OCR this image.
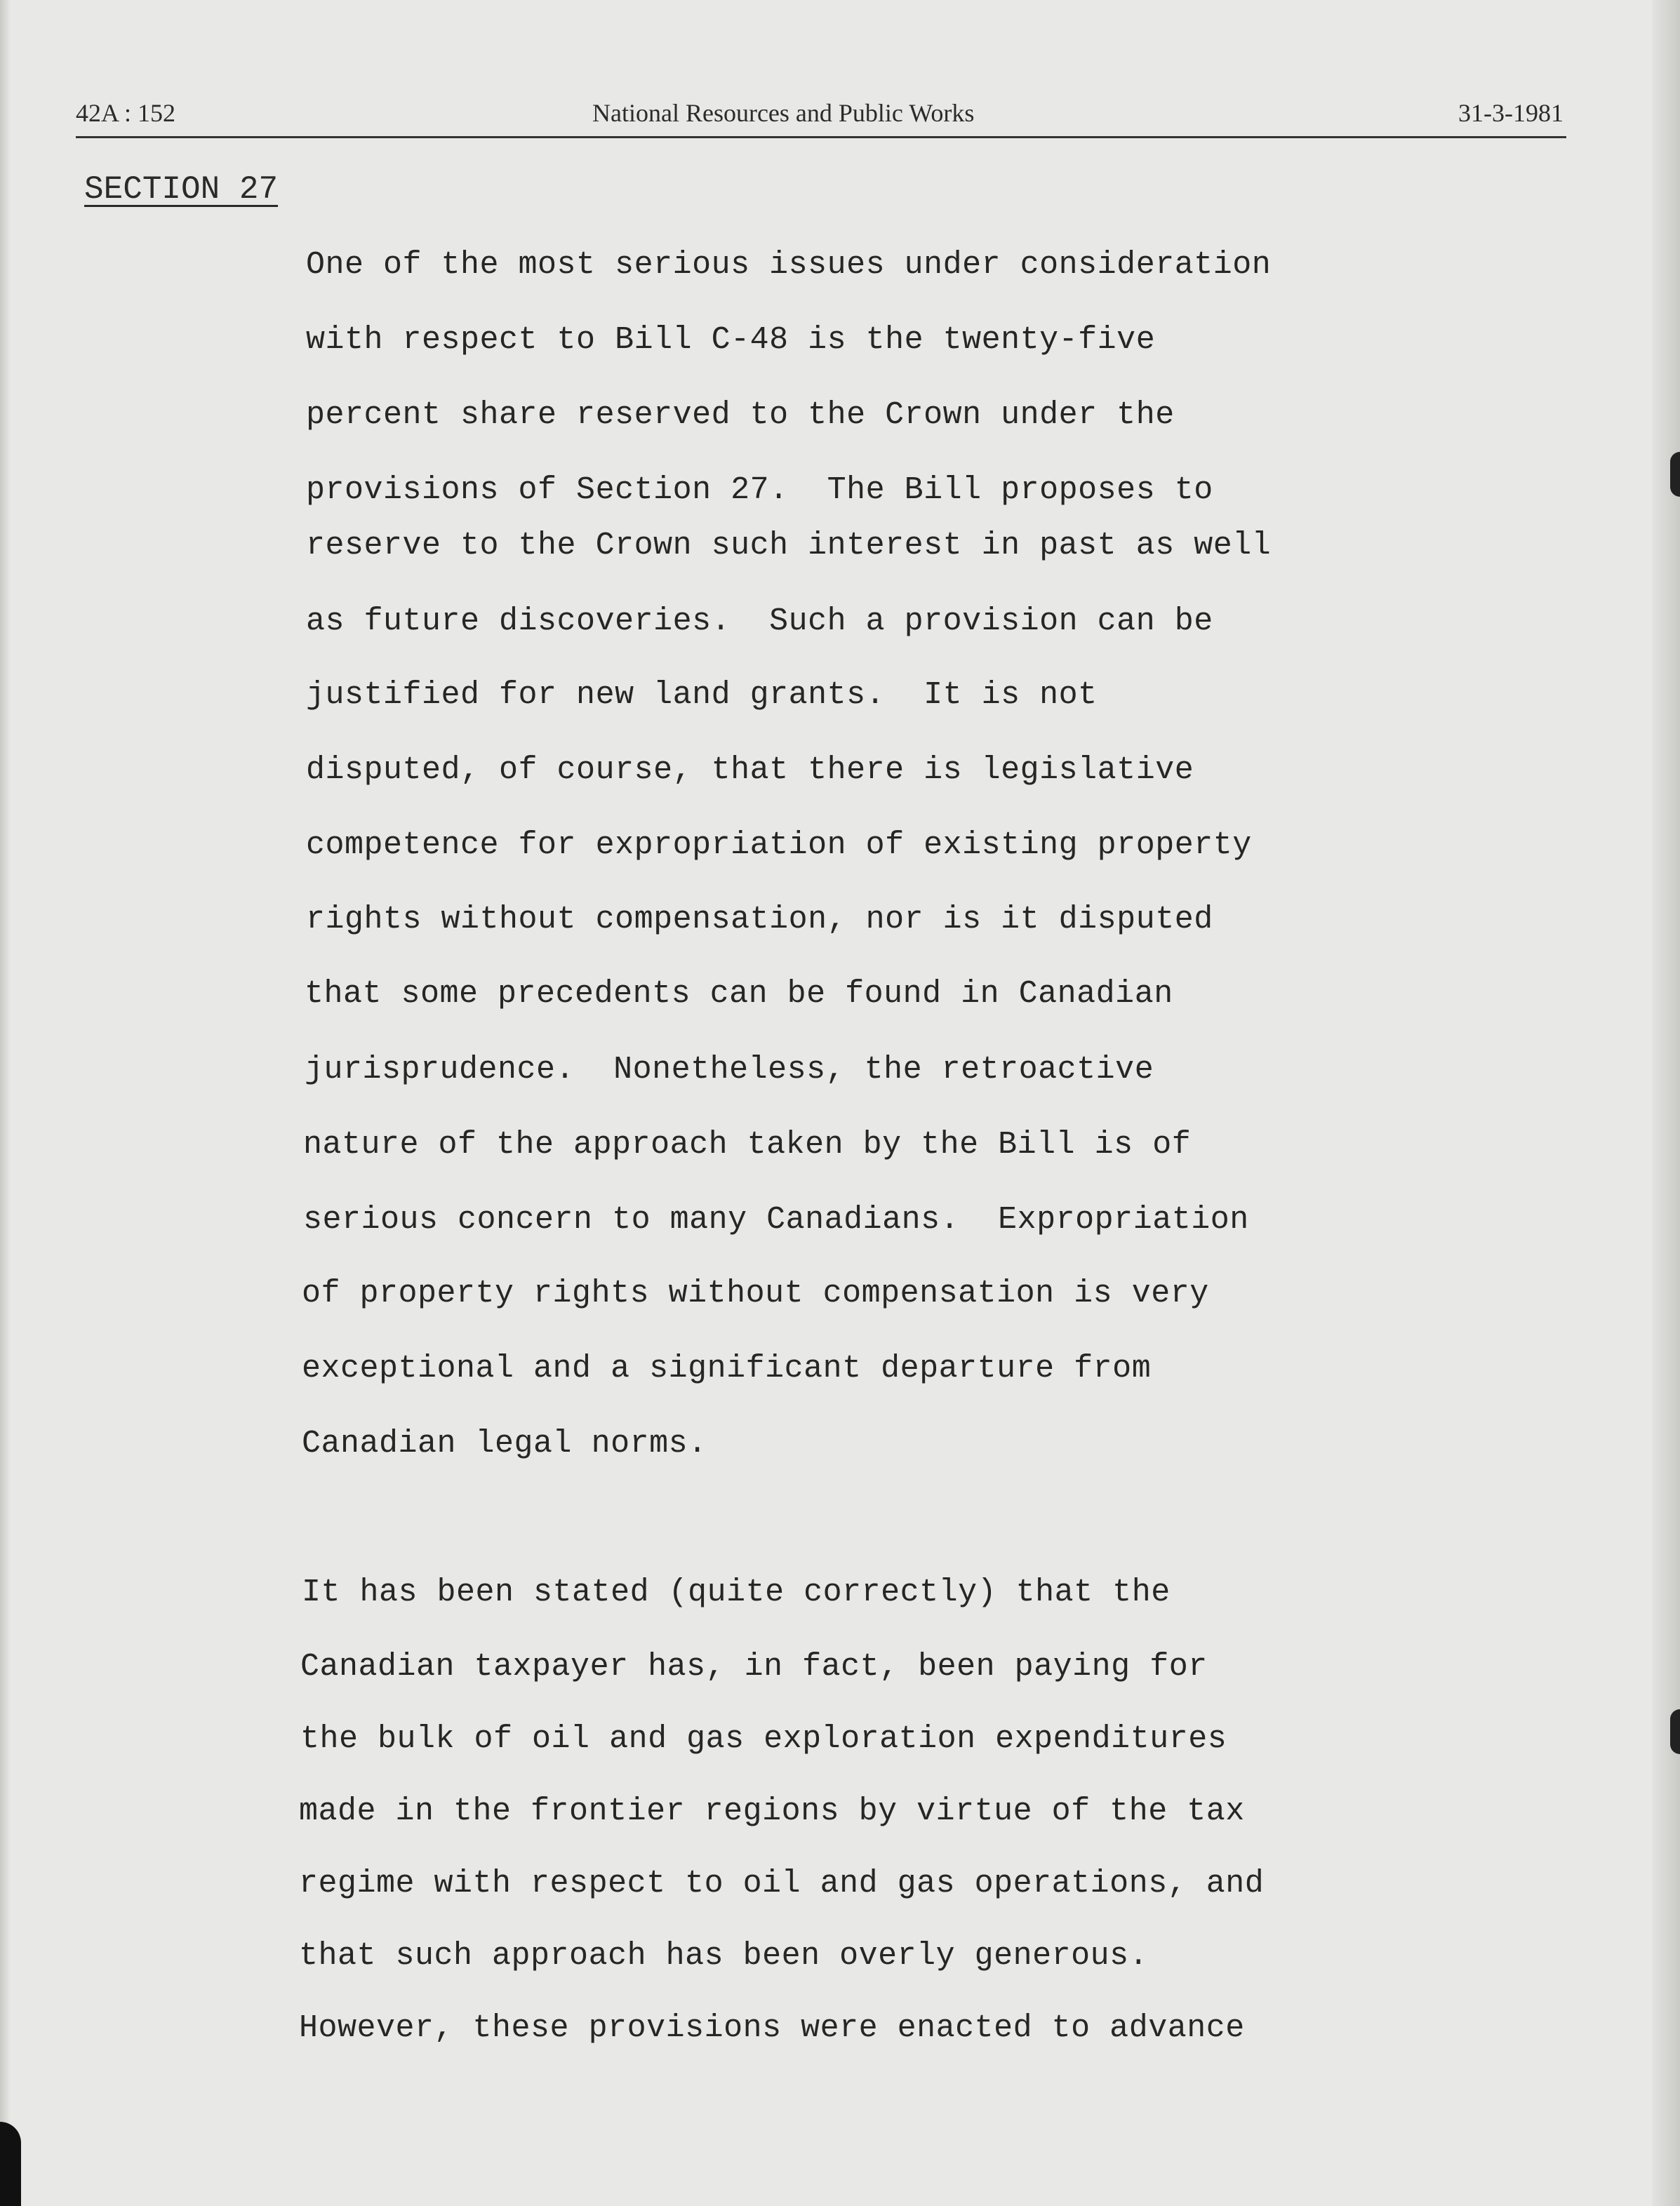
42A : 152	National Resources and Public Works	31-3-1981
SECTION 27
One of the most serious issues under consideration
with respect to Bill C-48 is the twenty-five
percent share reserved to the Crown under the
provisions of Section 27.  The Bill proposes to
reserve to the Crown such interest in past as well
as future discoveries.  Such a provision can be
justified for new land grants.  It is not
disputed, of course, that there is legislative
competence for expropriation of existing property
rights without compensation, nor is it disputed
that some precedents can be found in Canadian
jurisprudence.  Nonetheless, the retroactive
nature of the approach taken by the Bill is of
serious concern to many Canadians.  Expropriation
of property rights without compensation is very
exceptional and a significant departure from
Canadian legal norms.
It has been stated (quite correctly) that the
Canadian taxpayer has, in fact, been paying for
the bulk of oil and gas exploration expenditures
made in the frontier regions by virtue of the tax
regime with respect to oil and gas operations, and
that such approach has been overly generous.
However, these provisions were enacted to advance
